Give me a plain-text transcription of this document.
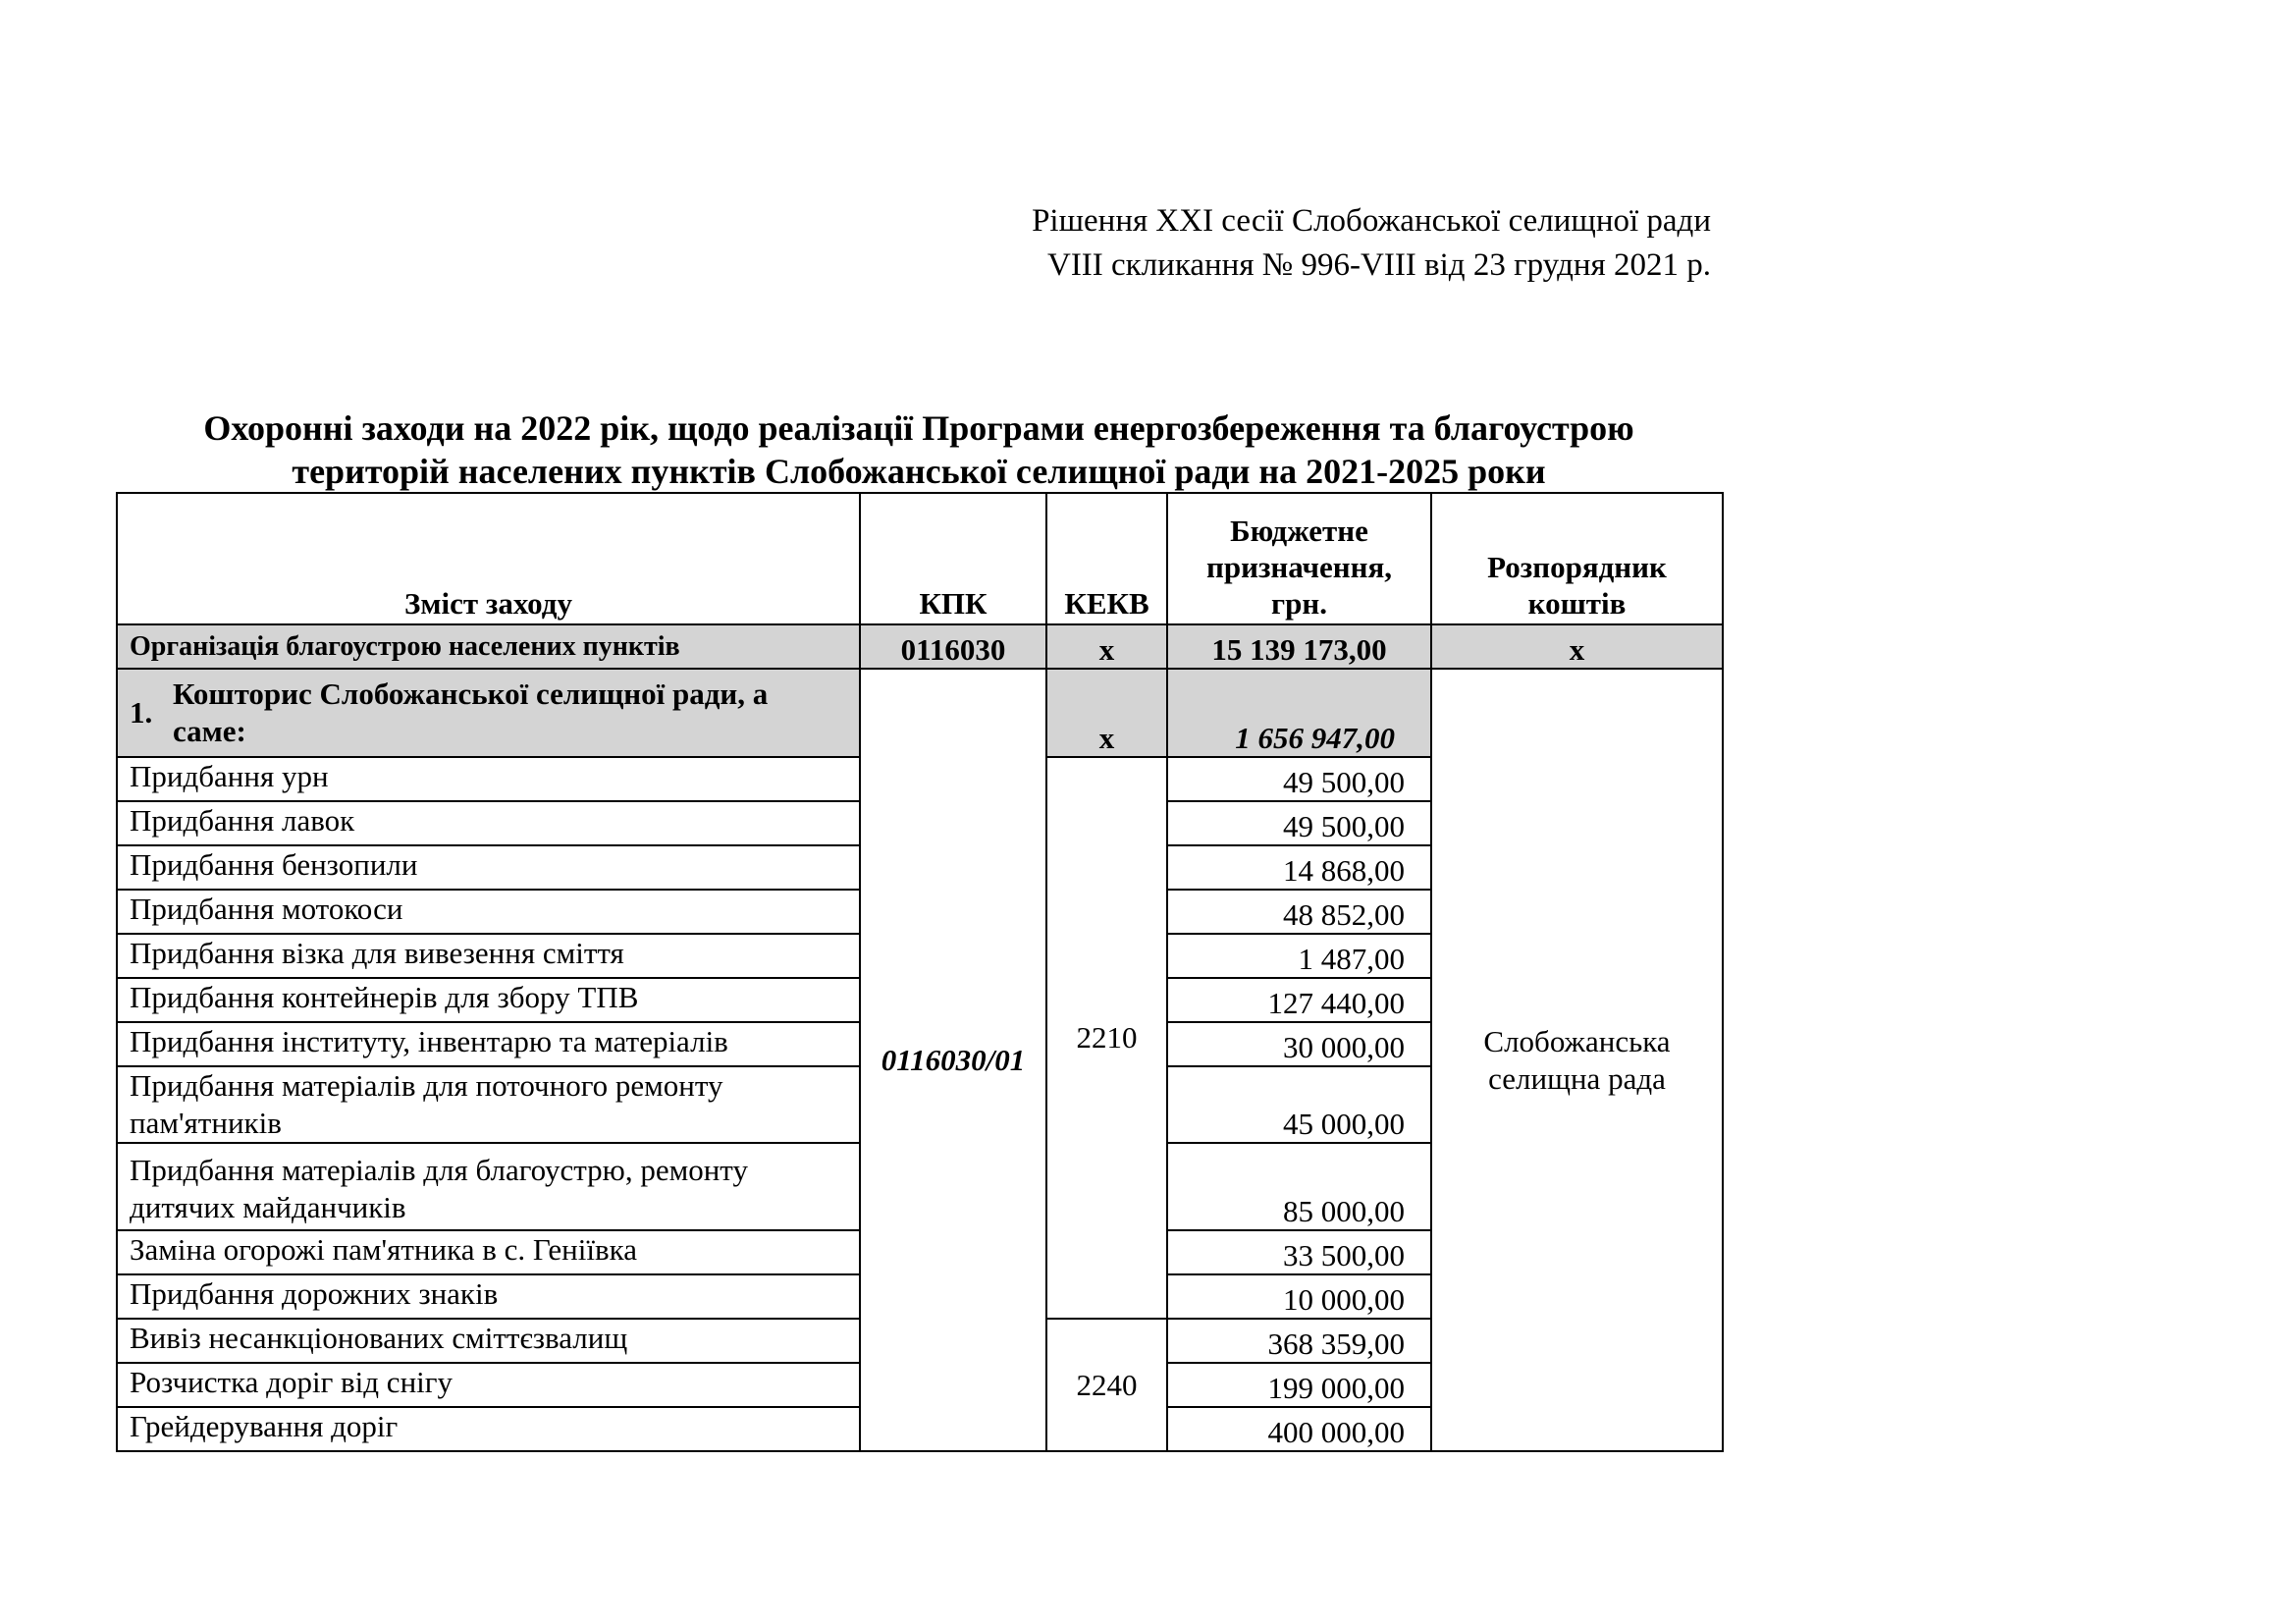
Рішення XXI сесії Слобожанської селищної ради
VIII скликання № 996-VIII від 23 грудня 2021 р.
Охоронні заходи на 2022 рік, щодо реалізації Програми енергозбереження та благоустрою
територій населених пунктів Слобожанської селищної ради на 2021-2025 роки
Зміст заходу	КПК	КЕКВ	Бюджетне призначення, грн.	Розпорядник коштів
Організація благоустрою населених пунктів	0116030	х	15 139 173,00	х
1.Кошторис Слобожанської селищної ради, а саме:	0116030/01	х	1 656 947,00	Слобожанська селищна рада
Придбання урн		2210	49 500,00	
Придбання лавок			49 500,00	
Придбання бензопили			14 868,00	
Придбання мотокоси			48 852,00	
Придбання візка для вивезення сміття			1 487,00	
Придбання контейнерів для збору ТПВ			127 440,00	
Придбання інституту, інвентарю та матеріалів			30 000,00	
Придбання матеріалів для поточного ремонту пам'ятників			45 000,00	
Придбання матеріалів для благоустрю, ремонту дитячих майданчиків			85 000,00	
Заміна огорожі пам'ятника в с. Геніївка			33 500,00	
Придбання дорожних знаків			10 000,00	
Вивіз несанкціонованих сміттєзвалищ		2240	368 359,00	
Розчистка доріг від снігу			199 000,00	
Грейдерування доріг			400 000,00	
